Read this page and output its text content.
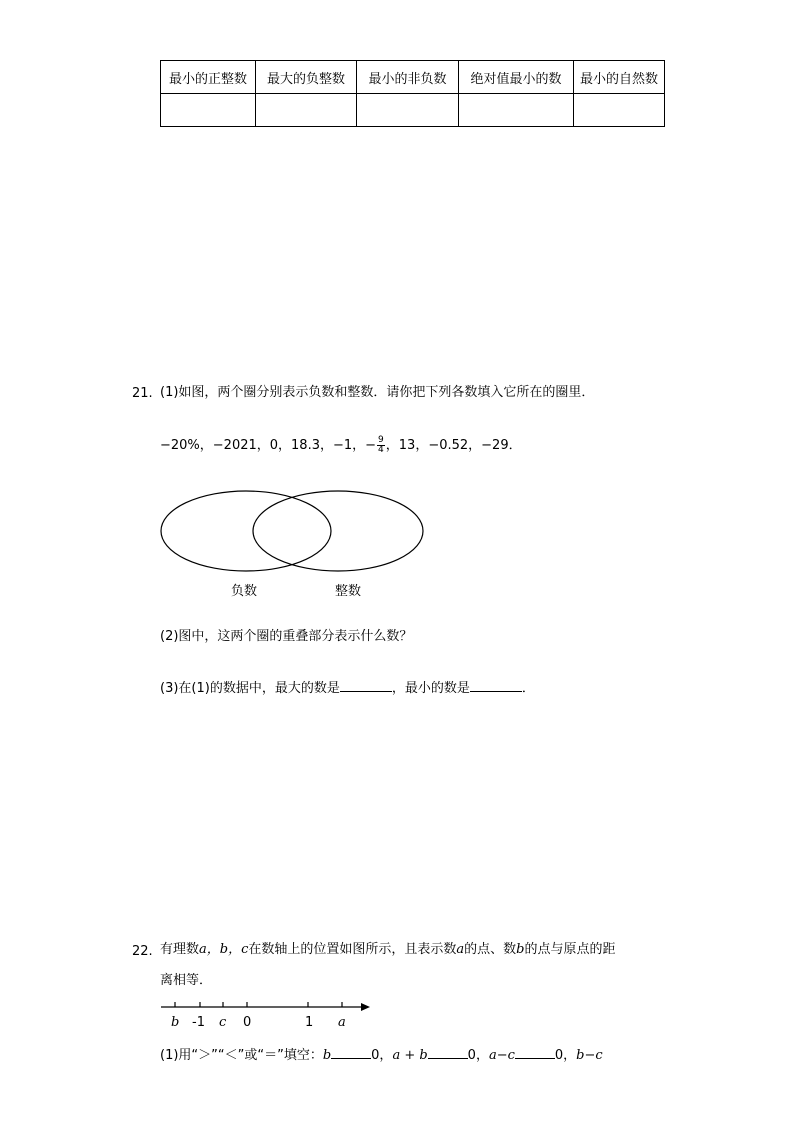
最小的正整数	最大的负整数	最小的非负数	绝对值最小的数	最小的自然数

21. (1)如图，两个圈分别表示负数和整数．请你把下列各数填入它所在的圈里．
−20%，−2021，0，18.3，−1，− $\frac{9}{4}$ ，13，−0.52，−29．
负数	整数
(2)图中，这两个圈的重叠部分表示什么数？
(3)在(1)的数据中，最大的数是	，最小的数是	．
22. 有理数a，b，c在数轴上的位置如图所示，且表示数a的点、数b的点与原点的距
离相等．
b -1 c 0	1 a
(1)用“＞”“＜”或“＝”填空：b	0，a + b	0，a−c	0，b−c
